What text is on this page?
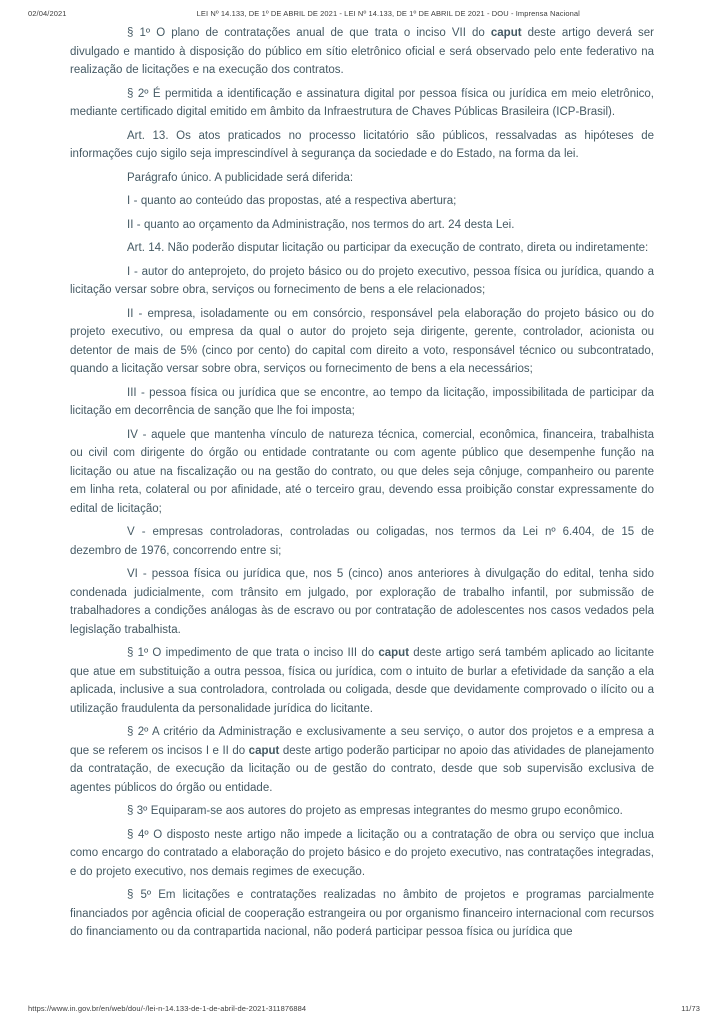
02/04/2021	LEI Nº 14.133, DE 1º DE ABRIL DE 2021 - LEI Nº 14.133, DE 1º DE ABRIL DE 2021 - DOU - Imprensa Nacional

§ 1º O plano de contratações anual de que trata o inciso VII do caput deste artigo deverá ser divulgado e mantido à disposição do público em sítio eletrônico oficial e será observado pelo ente federativo na realização de licitações e na execução dos contratos.

§ 2º É permitida a identificação e assinatura digital por pessoa física ou jurídica em meio eletrônico, mediante certificado digital emitido em âmbito da Infraestrutura de Chaves Públicas Brasileira (ICP-Brasil).

Art. 13. Os atos praticados no processo licitatório são públicos, ressalvadas as hipóteses de informações cujo sigilo seja imprescindível à segurança da sociedade e do Estado, na forma da lei.

Parágrafo único. A publicidade será diferida:

I - quanto ao conteúdo das propostas, até a respectiva abertura;

II - quanto ao orçamento da Administração, nos termos do art. 24 desta Lei.

Art. 14. Não poderão disputar licitação ou participar da execução de contrato, direta ou indiretamente:

I - autor do anteprojeto, do projeto básico ou do projeto executivo, pessoa física ou jurídica, quando a licitação versar sobre obra, serviços ou fornecimento de bens a ele relacionados;

II - empresa, isoladamente ou em consórcio, responsável pela elaboração do projeto básico ou do projeto executivo, ou empresa da qual o autor do projeto seja dirigente, gerente, controlador, acionista ou detentor de mais de 5% (cinco por cento) do capital com direito a voto, responsável técnico ou subcontratado, quando a licitação versar sobre obra, serviços ou fornecimento de bens a ela necessários;

III - pessoa física ou jurídica que se encontre, ao tempo da licitação, impossibilitada de participar da licitação em decorrência de sanção que lhe foi imposta;

IV - aquele que mantenha vínculo de natureza técnica, comercial, econômica, financeira, trabalhista ou civil com dirigente do órgão ou entidade contratante ou com agente público que desempenhe função na licitação ou atue na fiscalização ou na gestão do contrato, ou que deles seja cônjuge, companheiro ou parente em linha reta, colateral ou por afinidade, até o terceiro grau, devendo essa proibição constar expressamente do edital de licitação;

V - empresas controladoras, controladas ou coligadas, nos termos da Lei nº 6.404, de 15 de dezembro de 1976, concorrendo entre si;

VI - pessoa física ou jurídica que, nos 5 (cinco) anos anteriores à divulgação do edital, tenha sido condenada judicialmente, com trânsito em julgado, por exploração de trabalho infantil, por submissão de trabalhadores a condições análogas às de escravo ou por contratação de adolescentes nos casos vedados pela legislação trabalhista.

§ 1º O impedimento de que trata o inciso III do caput deste artigo será também aplicado ao licitante que atue em substituição a outra pessoa, física ou jurídica, com o intuito de burlar a efetividade da sanção a ela aplicada, inclusive a sua controladora, controlada ou coligada, desde que devidamente comprovado o ilícito ou a utilização fraudulenta da personalidade jurídica do licitante.

§ 2º A critério da Administração e exclusivamente a seu serviço, o autor dos projetos e a empresa a que se referem os incisos I e II do caput deste artigo poderão participar no apoio das atividades de planejamento da contratação, de execução da licitação ou de gestão do contrato, desde que sob supervisão exclusiva de agentes públicos do órgão ou entidade.

§ 3º Equiparam-se aos autores do projeto as empresas integrantes do mesmo grupo econômico.

§ 4º O disposto neste artigo não impede a licitação ou a contratação de obra ou serviço que inclua como encargo do contratado a elaboração do projeto básico e do projeto executivo, nas contratações integradas, e do projeto executivo, nos demais regimes de execução.

§ 5º Em licitações e contratações realizadas no âmbito de projetos e programas parcialmente financiados por agência oficial de cooperação estrangeira ou por organismo financeiro internacional com recursos do financiamento ou da contrapartida nacional, não poderá participar pessoa física ou jurídica que

https://www.in.gov.br/en/web/dou/-/lei-n-14.133-de-1-de-abril-de-2021-311876884	11/73
